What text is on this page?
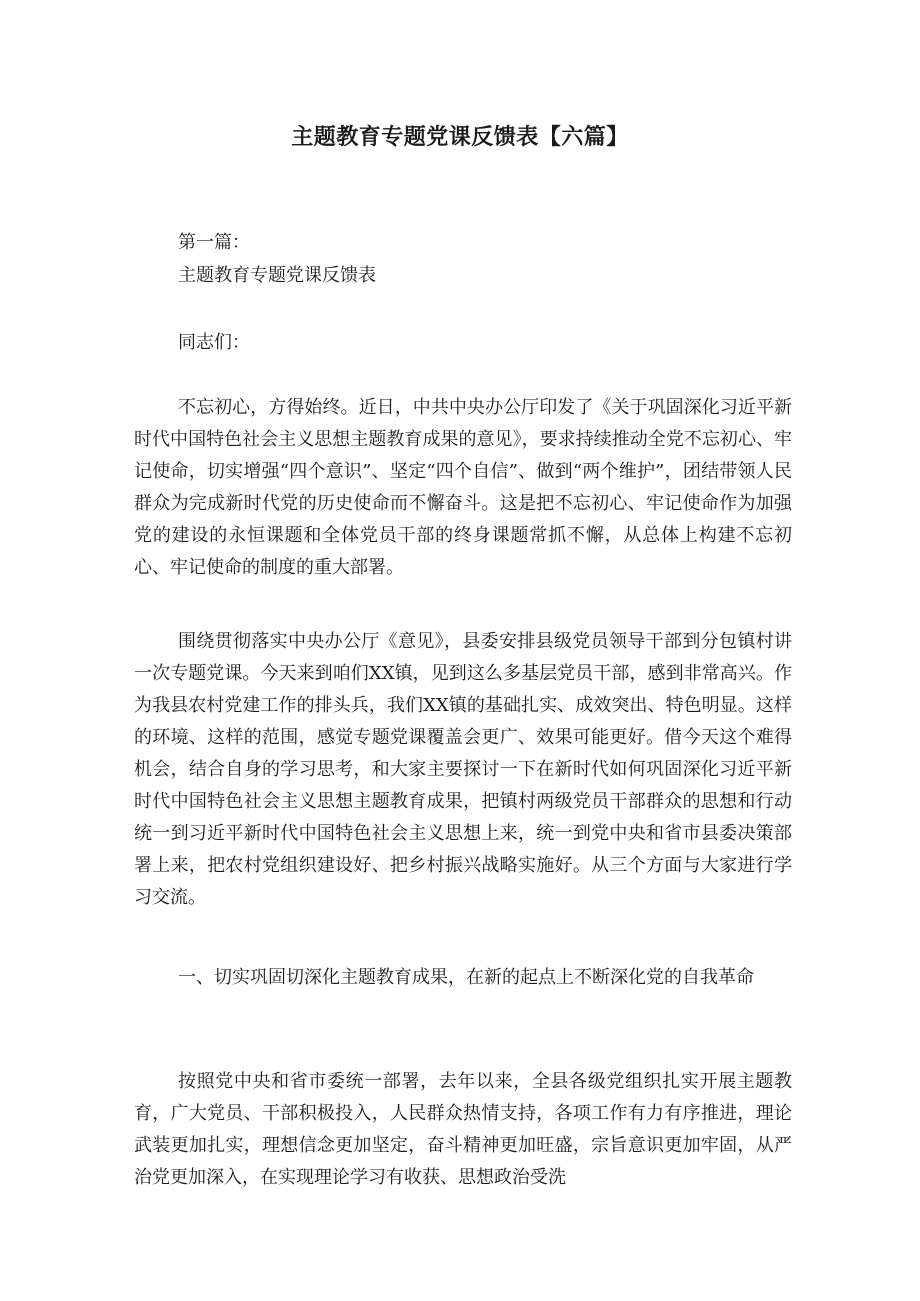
主题教育专题党课反馈表【六篇】

第一篇：

主题教育专题党课反馈表

同志们：

不忘初心，方得始终。近日，中共中央办公厅印发了《关于巩固深化习近平新时代中国特色社会主义思想主题教育成果的意见》，要求持续推动全党不忘初心、牢记使命，切实增强“四个意识”、坚定“四个自信”、做到“两个维护”，团结带领人民群众为完成新时代党的历史使命而不懈奋斗。这是把不忘初心、牢记使命作为加强党的建设的永恒课题和全体党员干部的终身课题常抓不懈，从总体上构建不忘初心、牢记使命的制度的重大部署。

围绕贯彻落实中央办公厅《意见》，县委安排县级党员领导干部到分包镇村讲一次专题党课。今天来到咱们XX镇，见到这么多基层党员干部，感到非常高兴。作为我县农村党建工作的排头兵，我们XX镇的基础扎实、成效突出、特色明显。这样的环境、这样的范围，感觉专题党课覆盖会更广、效果可能更好。借今天这个难得机会，结合自身的学习思考，和大家主要探讨一下在新时代如何巩固深化习近平新时代中国特色社会主义思想主题教育成果，把镇村两级党员干部群众的思想和行动统一到习近平新时代中国特色社会主义思想上来，统一到党中央和省市县委决策部署上来，把农村党组织建设好、把乡村振兴战略实施好。从三个方面与大家进行学习交流。

一、切实巩固切深化主题教育成果，在新的起点上不断深化党的自我革命

按照党中央和省市委统一部署，去年以来，全县各级党组织扎实开展主题教育，广大党员、干部积极投入，人民群众热情支持，各项工作有力有序推进，理论武装更加扎实，理想信念更加坚定，奋斗精神更加旺盛，宗旨意识更加牢固，从严治党更加深入，在实现理论学习有收获、思想政治受洗
